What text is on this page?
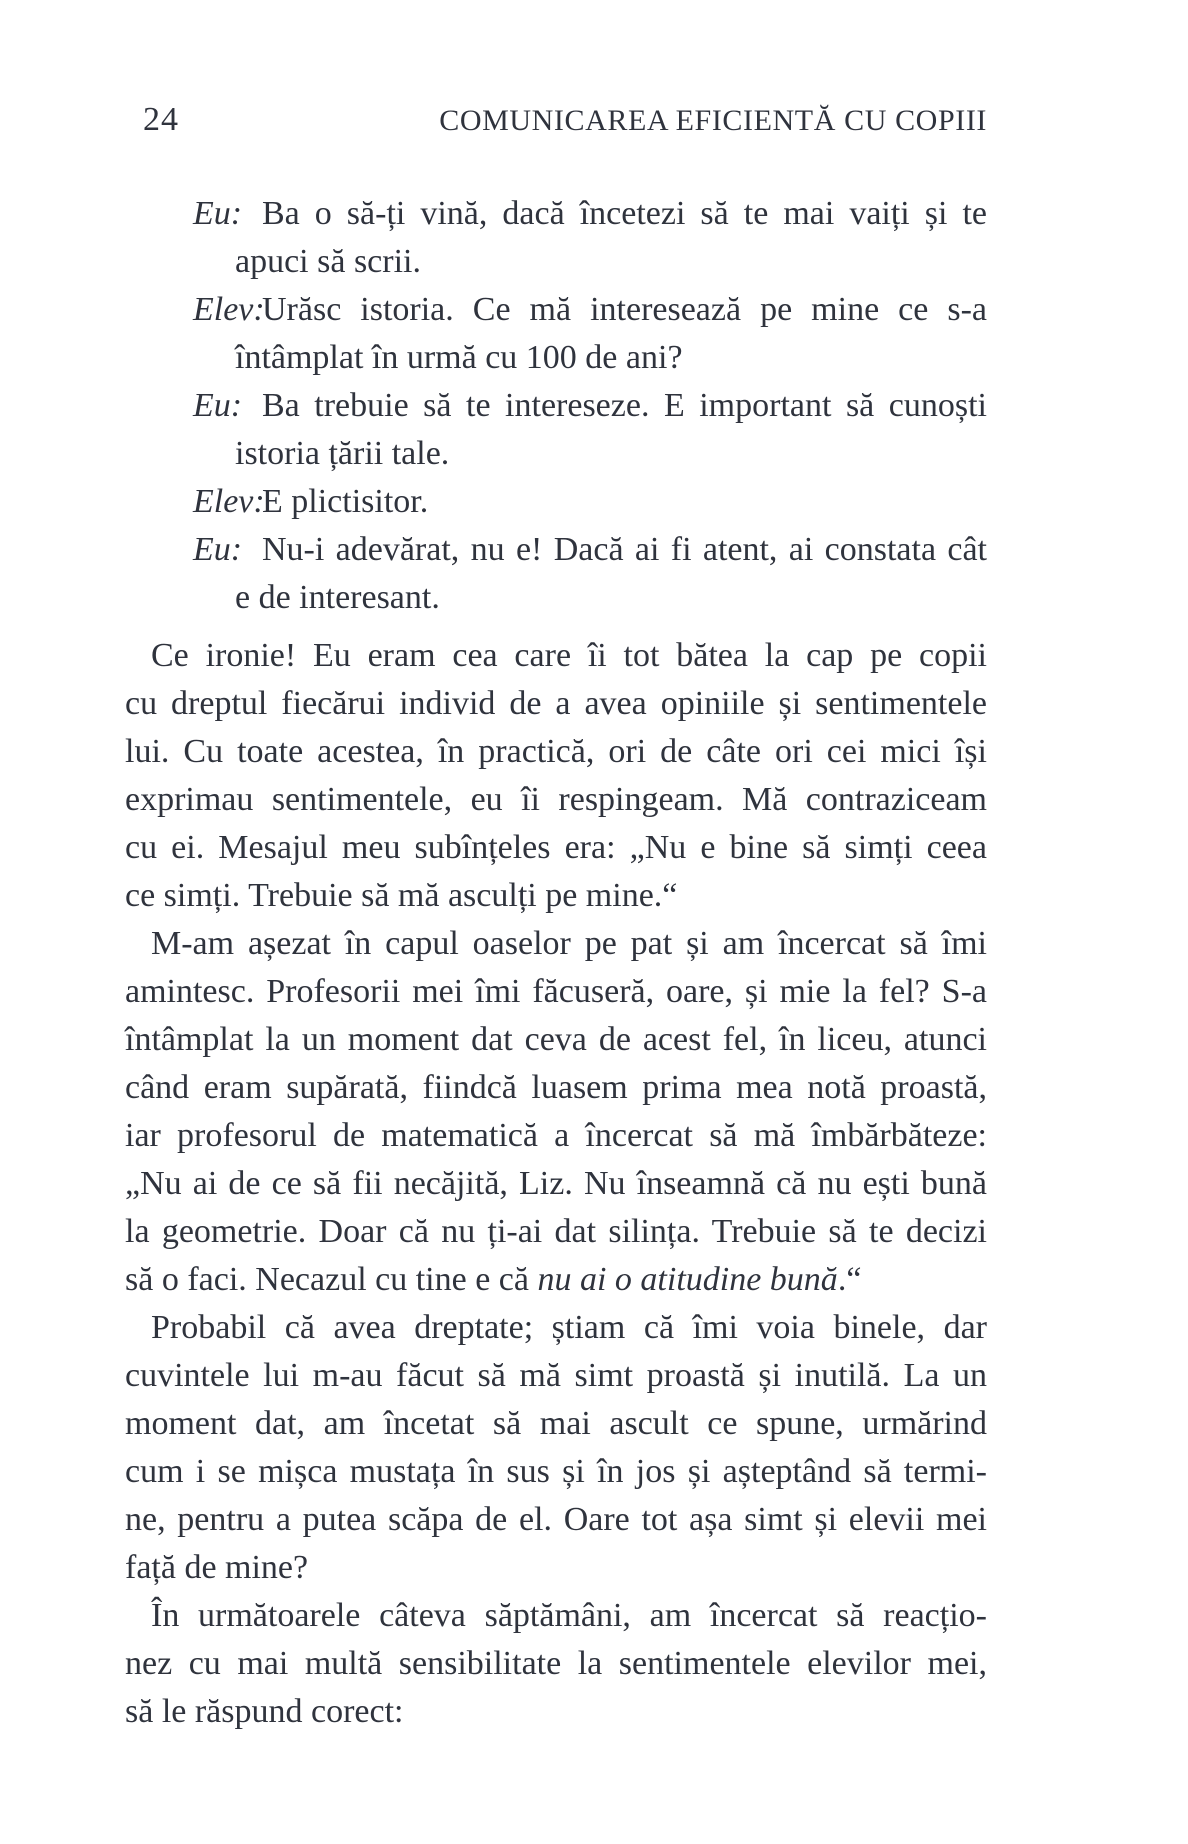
24	COMUNICAREA EFICIENTĂ CU COPIII
Eu: Ba o să-ți vină, dacă încetezi să te mai vaiți și te
apuci să scrii.
Elev:
Urăsc istoria. Ce mă interesează pe mine ce s-a
întâmplat în urmă cu 100 de ani?
Eu: Ba trebuie să te intereseze. E important să cunoști
istoria țării tale.
Elev:
E plictisitor.
Eu: Nu-i adevărat, nu e! Dacă ai fi atent, ai constata cât
e de interesant.
Ce ironie! Eu eram cea care îi tot bătea la cap pe copii
cu dreptul fiecărui individ de a avea opiniile și sentimentele
lui. Cu toate acestea, în practică, ori de câte ori cei mici își
exprimau sentimentele, eu îi respingeam. Mă contraziceam
cu ei. Mesajul meu subînțeles era: „Nu e bine să simți ceea
ce simți. Trebuie să mă asculți pe mine.“
M-am așezat în capul oaselor pe pat și am încercat să îmi
amintesc. Profesorii mei îmi făcuseră, oare, și mie la fel? S-a
întâmplat la un moment dat ceva de acest fel, în liceu, atunci
când eram supărată, fiindcă luasem prima mea notă proastă,
iar profesorul de matematică a încercat să mă îmbărbăteze:
„Nu ai de ce să fii necăjită, Liz. Nu înseamnă că nu ești bună
la geometrie. Doar că nu ți-ai dat silința. Trebuie să te decizi
să o faci. Necazul cu tine e că nu ai o atitudine bună.“
Probabil că avea dreptate; știam că îmi voia binele, dar
cuvintele lui m-au făcut să mă simt proastă și inutilă. La un
moment dat, am încetat să mai ascult ce spune, urmărind
cum i se mișca mustața în sus și în jos și așteptând să termi-
ne, pentru a putea scăpa de el. Oare tot așa simt și elevii mei
față de mine?
În următoarele câteva săptămâni, am încercat să reacțio-
nez cu mai multă sensibilitate la sentimentele elevilor mei,
să le răspund corect:
